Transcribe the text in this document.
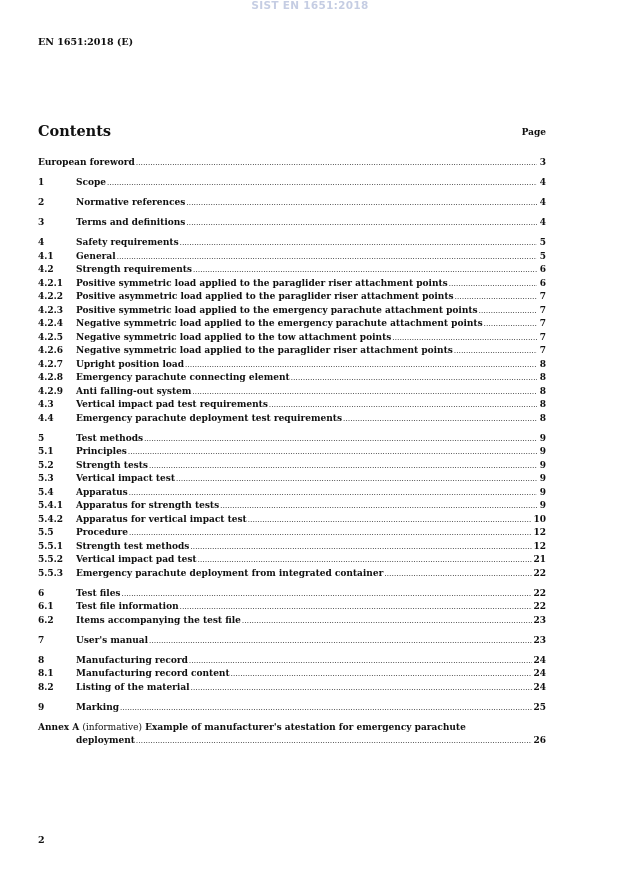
SIST EN 1651:2018
EN 1651:2018 (E)
Contents	Page
European foreword .....	3
1	Scope .....	4
2	Normative references .....	4
3	Terms and definitions .....	4
4	Safety requirements .....	5
4.1	General .....	5
4.2	Strength requirements .....	6
4.2.1	Positive symmetric load applied to the paraglider riser attachment points .....	6
4.2.2	Positive asymmetric load applied to the paraglider riser attachment points .....	7
4.2.3	Positive symmetric load applied to the emergency parachute attachment points .....	7
4.2.4	Negative symmetric load applied to the emergency parachute attachment points .....	7
4.2.5	Negative symmetric load applied to the tow attachment points .....	7
4.2.6	Negative symmetric load applied to the paraglider riser attachment points .....	7
4.2.7	Upright position load .....	8
4.2.8	Emergency parachute connecting element .....	8
4.2.9	Anti falling-out system .....	8
4.3	Vertical impact pad test requirements .....	8
4.4	Emergency parachute deployment test requirements .....	8
5	Test methods .....	9
5.1	Principles .....	9
5.2	Strength tests .....	9
5.3	Vertical impact test .....	9
5.4	Apparatus .....	9
5.4.1	Apparatus for strength tests .....	9
5.4.2	Apparatus for vertical impact test .....	10
5.5	Procedure .....	12
5.5.1	Strength test methods .....	12
5.5.2	Vertical impact pad test .....	21
5.5.3	Emergency parachute deployment from integrated container .....	22
6	Test files .....	22
6.1	Test file information .....	22
6.2	Items accompanying the test file .....	23
7	User's manual .....	23
8	Manufacturing record .....	24
8.1	Manufacturing record content .....	24
8.2	Listing of the material .....	24
9	Marking .....	25
Annex A (informative) Example of manufacturer's atestation for emergency parachute
deployment .....	26
2
